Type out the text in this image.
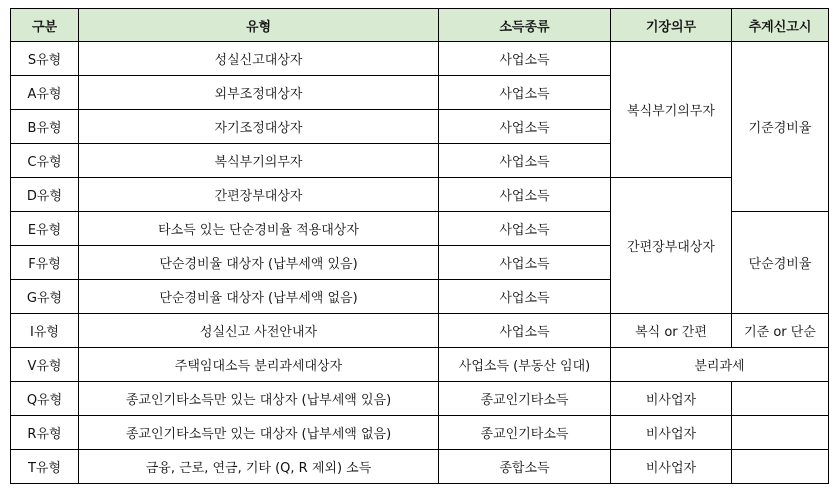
구분	유형	소득종류	기장의무	추계신고시
S유형	성실신고대상자	사업소득	복식부기의무자	기준경비율
A유형	외부조정대상자	사업소득		
B유형	자기조정대상자	사업소득		
C유형	복식부기의무자	사업소득		
D유형	간편장부대상자	사업소득	간편장부대상자	
E유형	타소득 있는 단순경비율 적용대상자	사업소득		단순경비율
F유형	단순경비율 대상자 (납부세액 있음)	사업소득		
G유형	단순경비율 대상자 (납부세액 없음)	사업소득		
I유형	성실신고 사전안내자	사업소득	복식 or 간편	기준 or 단순
V유형	주택임대소득 분리과세대상자	사업소득 (부동산 임대)	분리과세	
Q유형	종교인기타소득만 있는 대상자 (납부세액 있음)	종교인기타소득	비사업자	
R유형	종교인기타소득만 있는 대상자 (납부세액 없음)	종교인기타소득	비사업자	
T유형	금융, 근로, 연금, 기타 (Q, R 제외) 소득	종합소득	비사업자	
